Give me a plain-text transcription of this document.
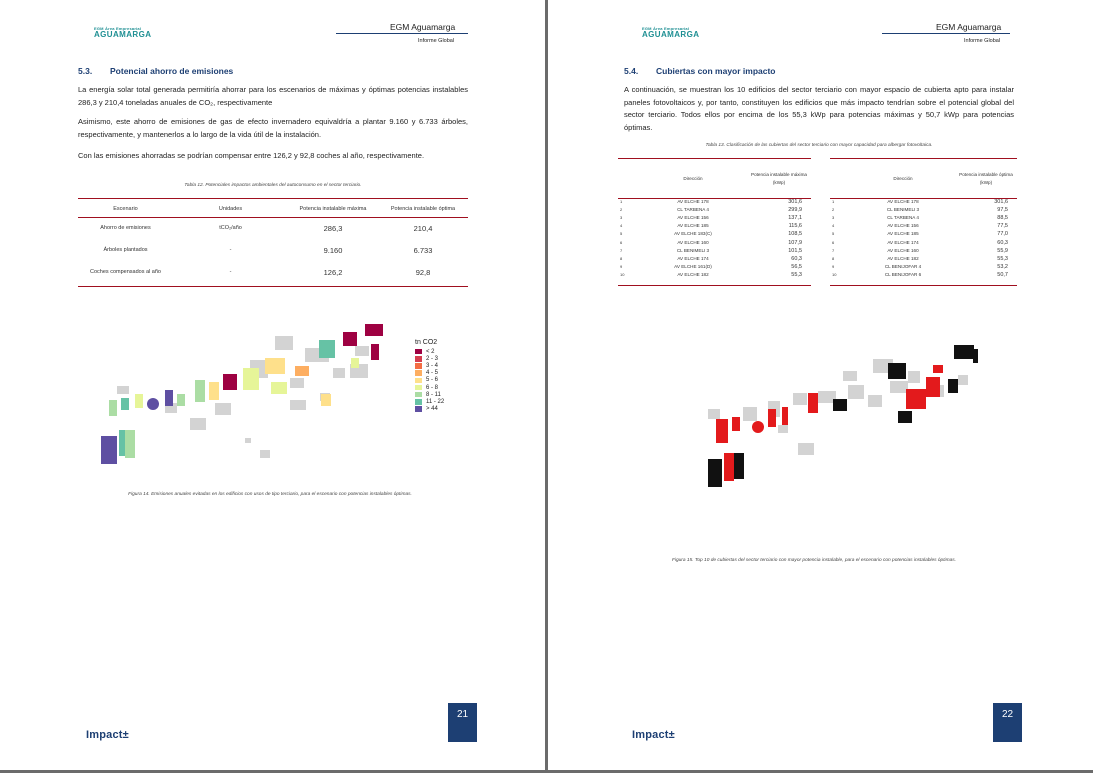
EGM Área Empresarial
AGUAMARGA
EGM Aguamarga
Informe Global
5.3. Potencial ahorro de emisiones
La energía solar total generada permitiría ahorrar para los escenarios de máximas y óptimas potencias instalables 286,3 y 210,4 toneladas anuales de CO₂, respectivamente
Asimismo, este ahorro de emisiones de gas de efecto invernadero equivaldría a plantar 9.160 y 6.733 árboles, respectivamente, y mantenerlos a lo largo de la vida útil de la instalación.
Con las emisiones ahorradas se podrían compensar entre 126,2 y 92,8 coches al año, respectivamente.
Tabla 12. Potenciales impactos ambientales del autoconsumo en el sector terciario.
Escenario	Unidades	Potencia instalable máxima	Potencia instalable óptima
Ahorro de emisiones	tCO₂/año	286,3	210,4
Árboles plantados	-	9.160	6.733
Coches compensados al año	-	126,2	92,8
tn CO2
< 2
2 - 3
3 - 4
4 - 5
5 - 6
6 - 8
8 - 11
11 - 22
> 44
Figura 14. Emisiones anuales evitadas en los edificios con usos de tipo terciario, para el escenario con potencias instalables óptimas.
Impact±
21
EGM Área Empresarial
AGUAMARGA
EGM Aguamarga
Informe Global
5.4. Cubiertas con mayor impacto
A continuación, se muestran los 10 edificios del sector terciario con mayor espacio de cubierta apto para instalar paneles fotovoltaicos y, por tanto, constituyen los edificios que más impacto tendrían sobre el potencial global del sector terciario. Todos ellos por encima de los 55,3 kWp para potencias máximas y 50,7 kWp para potencias óptimas.
Tabla 13. Clasificación de las cubiertas del sector terciario con mayor capacidad para albergar fotovoltaica.
	Dirección	Potencia instalable máxima (kWp)
1	AV ELCHE 178	301,6
2	CL TARBENA 4	299,9
3	AV ELCHE 156	137,1
4	AV ELCHE 185	115,6
5	AV ELCHE 183(C)	108,5
6	AV ELCHE 160	107,9
7	CL BENIMELI 3	101,5
8	AV ELCHE 174	60,3
9	AV ELCHE 161(D)	56,5
10	AV ELCHE 182	55,3
	Dirección	Potencia instalable óptima (kWp)
1	AV ELCHE 178	301,6
2	CL BENIMELI 3	97,5
3	CL TARBENA 4	88,5
4	AV ELCHE 156	77,5
5	AV ELCHE 185	77,0
6	AV ELCHE 174	60,3
7	AV ELCHE 160	55,9
8	AV ELCHE 182	55,3
9	CL BENIJOFAR 4	53,2
10	CL BENIJOFAR 6	50,7
Figura 15. Top 10 de cubiertas del sector terciario con mayor potencia instalable, para el escenario con potencias instalables óptimas.
Impact±
22
